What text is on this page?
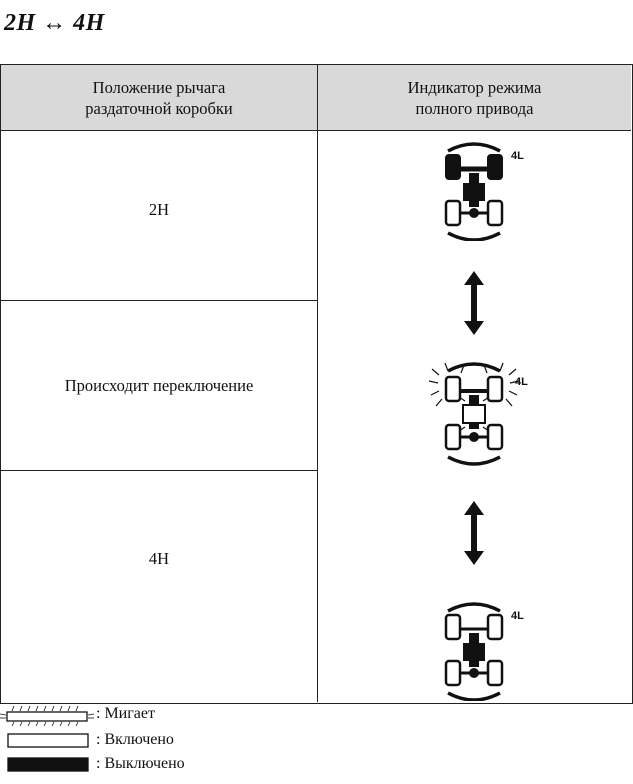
2H ↔ 4H
Положение рычага
раздаточной коробки
Индикатор режима
полного привода
2H
Происходит переключение
4H
4L
4L
4L
: Мигает
: Включено
: Выключено
